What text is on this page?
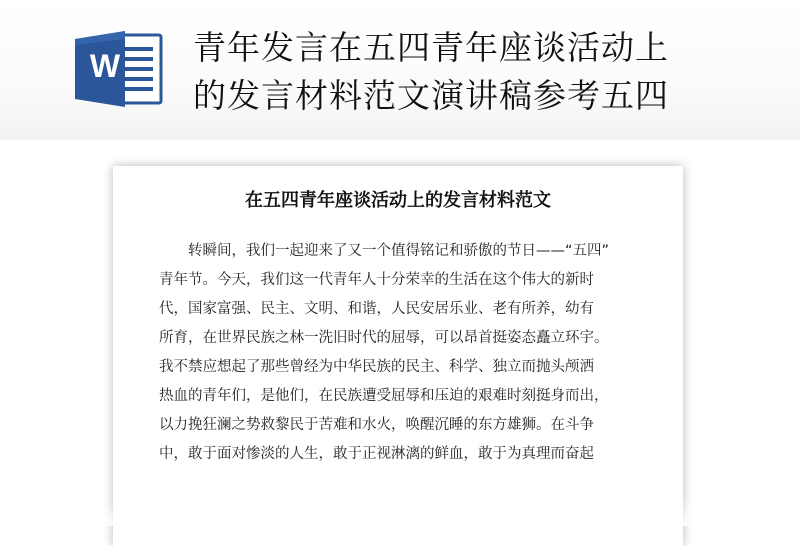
W 青年发言在五四青年座谈活动上
的发言材料范文演讲稿参考五四
在五四青年座谈活动上的发言材料范文
　　转瞬间，我们一起迎来了又一个值得铭记和骄傲的节日——“五四”
青年节。今天，我们这一代青年人十分荣幸的生活在这个伟大的新时
代，国家富强、民主、文明、和谐，人民安居乐业、老有所养，幼有
所育，在世界民族之林一洗旧时代的屈辱，可以昂首挺姿态矗立环宇。
我不禁应想起了那些曾经为中华民族的民主、科学、独立而抛头颅洒
热血的青年们，是他们，在民族遭受屈辱和压迫的艰难时刻挺身而出，
以力挽狂澜之势救黎民于苦难和水火，唤醒沉睡的东方雄狮。在斗争
中，敢于面对惨淡的人生，敢于正视淋漓的鲜血，敢于为真理而奋起
